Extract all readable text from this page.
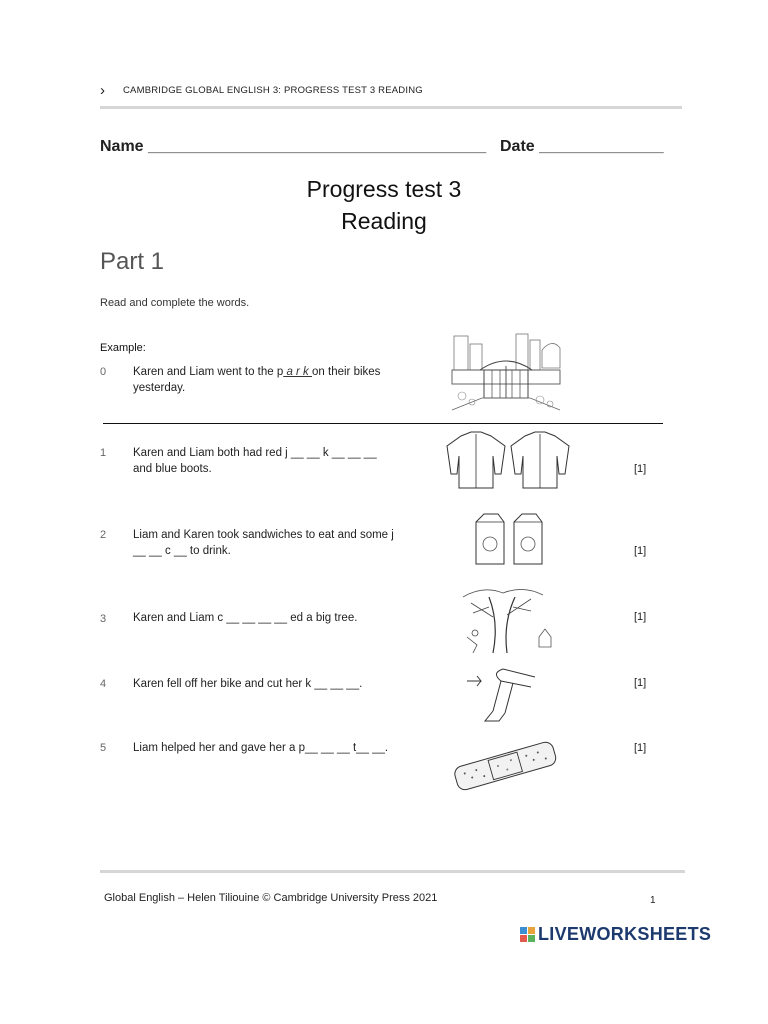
› CAMBRIDGE GLOBAL ENGLISH 3: PROGRESS TEST 3 READING
Name ______________________________________ Date ______________
Progress test 3
Reading
Part 1
Read and complete the words.
Example:
0 Karen and Liam went to the p a r k on their bikes yesterday.
1 Karen and Liam both had red j __ __ k __ __ __ and blue boots.	[1]
2 Liam and Karen took sandwiches to eat and some j __ __ c __ to drink.	[1]
3 Karen and Liam c __ __ __ __ ed a big tree.	[1]
4 Karen fell off her bike and cut her k __ __ __.	[1]
5 Liam helped her and gave her a p__ __ __ t__ __.	[1]
Global English – Helen Tiliouine © Cambridge University Press 2021	1
LIVEWORKSHEETS
